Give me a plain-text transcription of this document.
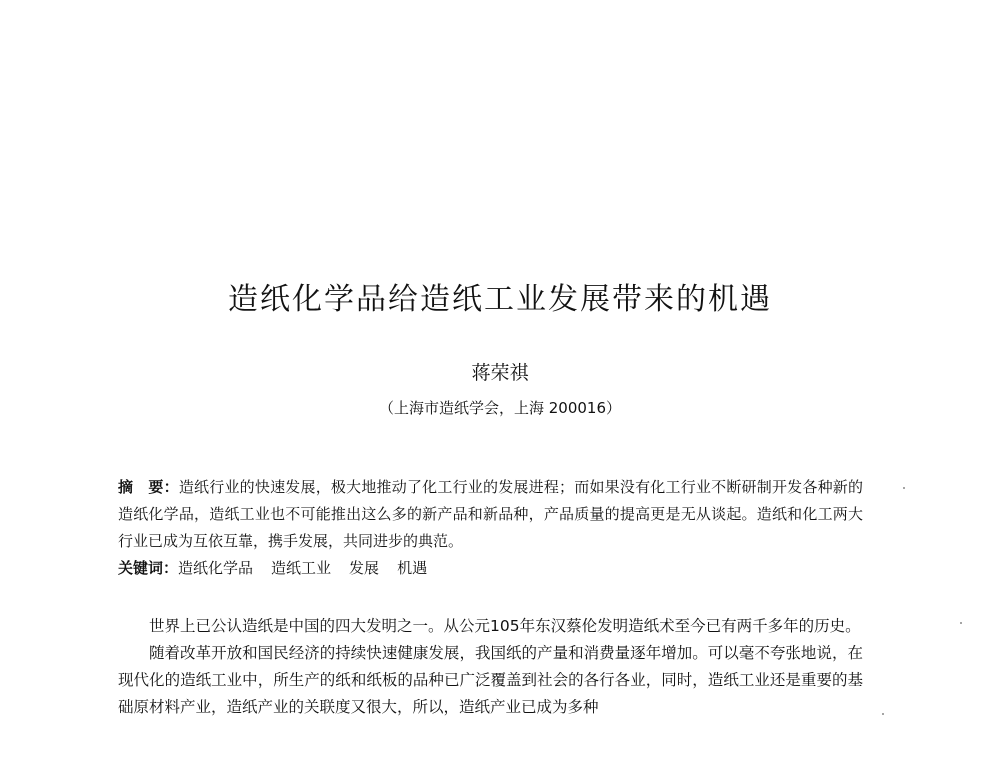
造纸化学品给造纸工业发展带来的机遇
蒋荣祺
（上海市造纸学会，上海 200016）
摘　要：造纸行业的快速发展，极大地推动了化工行业的发展进程；而如果没有化工行业不断研制开发各种新的造纸化学品，造纸工业也不可能推出这么多的新产品和新品种，产品质量的提高更是无从谈起。造纸和化工两大行业已成为互依互靠，携手发展，共同进步的典范。
关键词：造纸化学品 造纸工业 发展 机遇

世界上已公认造纸是中国的四大发明之一。从公元105年东汉蔡伦发明造纸术至今已有两千多年的历史。

随着改革开放和国民经济的持续快速健康发展，我国纸的产量和消费量逐年增加。可以毫不夸张地说，在现代化的造纸工业中，所生产的纸和纸板的品种已广泛覆盖到社会的各行各业，同时，造纸工业还是重要的基础原材料产业，造纸产业的关联度又很大，所以，造纸产业已成为多种
